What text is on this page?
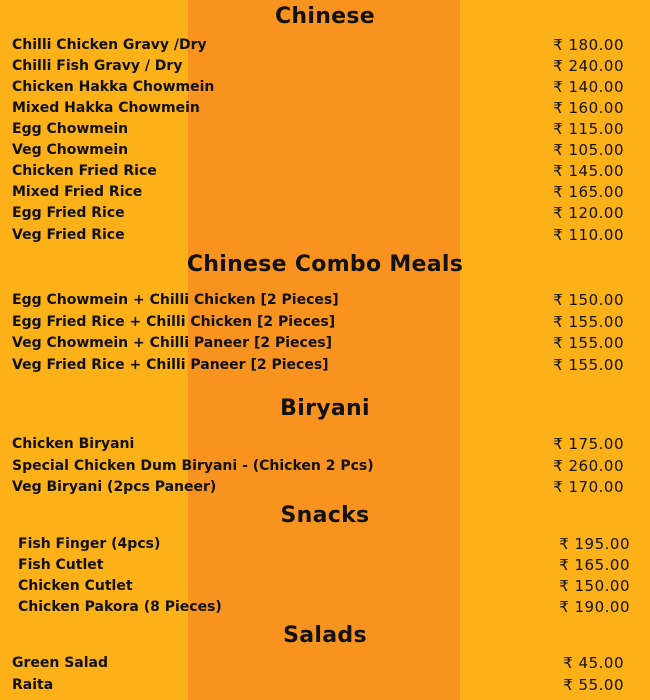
Chinese
Chilli Chicken Gravy /Dry	₹ 180.00
Chilli Fish Gravy / Dry	₹ 240.00
Chicken Hakka Chowmein	₹ 140.00
Mixed Hakka Chowmein	₹ 160.00
Egg Chowmein	₹ 115.00
Veg Chowmein	₹ 105.00
Chicken Fried Rice	₹ 145.00
Mixed Fried Rice	₹ 165.00
Egg Fried Rice	₹ 120.00
Veg Fried Rice	₹ 110.00
Chinese Combo Meals
Egg Chowmein + Chilli Chicken [2 Pieces]	₹ 150.00
Egg Fried Rice + Chilli Chicken [2 Pieces]	₹ 155.00
Veg Chowmein + Chilli Paneer [2 Pieces]	₹ 155.00
Veg Fried Rice + Chilli Paneer [2 Pieces]	₹ 155.00
Biryani
Chicken Biryani	₹ 175.00
Special Chicken Dum Biryani - (Chicken 2 Pcs)	₹ 260.00
Veg Biryani (2pcs Paneer)	₹ 170.00
Snacks
Fish Finger (4pcs)	₹ 195.00
Fish Cutlet	₹ 165.00
Chicken Cutlet	₹ 150.00
Chicken Pakora (8 Pieces)	₹ 190.00
Salads
Green Salad	₹ 45.00
Raita	₹ 55.00
